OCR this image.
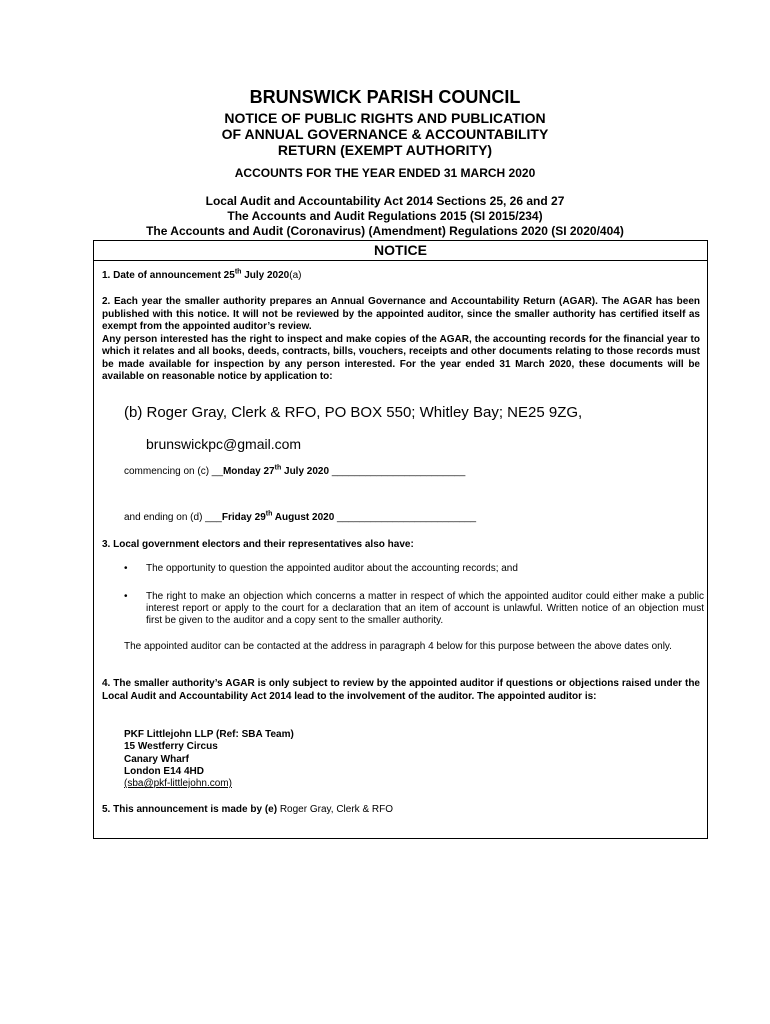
BRUNSWICK PARISH COUNCIL
NOTICE OF PUBLIC RIGHTS AND PUBLICATION
OF ANNUAL GOVERNANCE & ACCOUNTABILITY
RETURN (EXEMPT AUTHORITY)
ACCOUNTS FOR THE YEAR ENDED 31 MARCH 2020
Local Audit and Accountability Act 2014 Sections 25, 26 and 27
The Accounts and Audit Regulations 2015 (SI 2015/234)
The Accounts and Audit (Coronavirus) (Amendment) Regulations 2020 (SI 2020/404)
NOTICE
1. Date of announcement 25th July 2020(a)
2. Each year the smaller authority prepares an Annual Governance and Accountability Return (AGAR). The AGAR has been published with this notice. It will not be reviewed by the appointed auditor, since the smaller authority has certified itself as exempt from the appointed auditor’s review.
Any person interested has the right to inspect and make copies of the AGAR, the accounting records for the financial year to which it relates and all books, deeds, contracts, bills, vouchers, receipts and other documents relating to those records must be made available for inspection by any person interested. For the year ended 31 March 2020, these documents will be available on reasonable notice by application to:
(b) Roger Gray, Clerk & RFO, PO BOX 550; Whitley Bay; NE25 9ZG,
brunswickpc@gmail.com
commencing on (c) __Monday 27th July 2020 ________________________
and ending on (d) ___Friday 29th August 2020 _________________________
3. Local government electors and their representatives also have:
• The opportunity to question the appointed auditor about the accounting records; and
• The right to make an objection which concerns a matter in respect of which the appointed auditor could either make a public interest report or apply to the court for a declaration that an item of account is unlawful. Written notice of an objection must first be given to the auditor and a copy sent to the smaller authority.
The appointed auditor can be contacted at the address in paragraph 4 below for this purpose between the above dates only.
4. The smaller authority’s AGAR is only subject to review by the appointed auditor if questions or objections raised under the Local Audit and Accountability Act 2014 lead to the involvement of the auditor. The appointed auditor is:
PKF Littlejohn LLP (Ref: SBA Team)
15 Westferry Circus
Canary Wharf
London E14 4HD
(sba@pkf-littlejohn.com)
5. This announcement is made by (e) Roger Gray, Clerk & RFO
